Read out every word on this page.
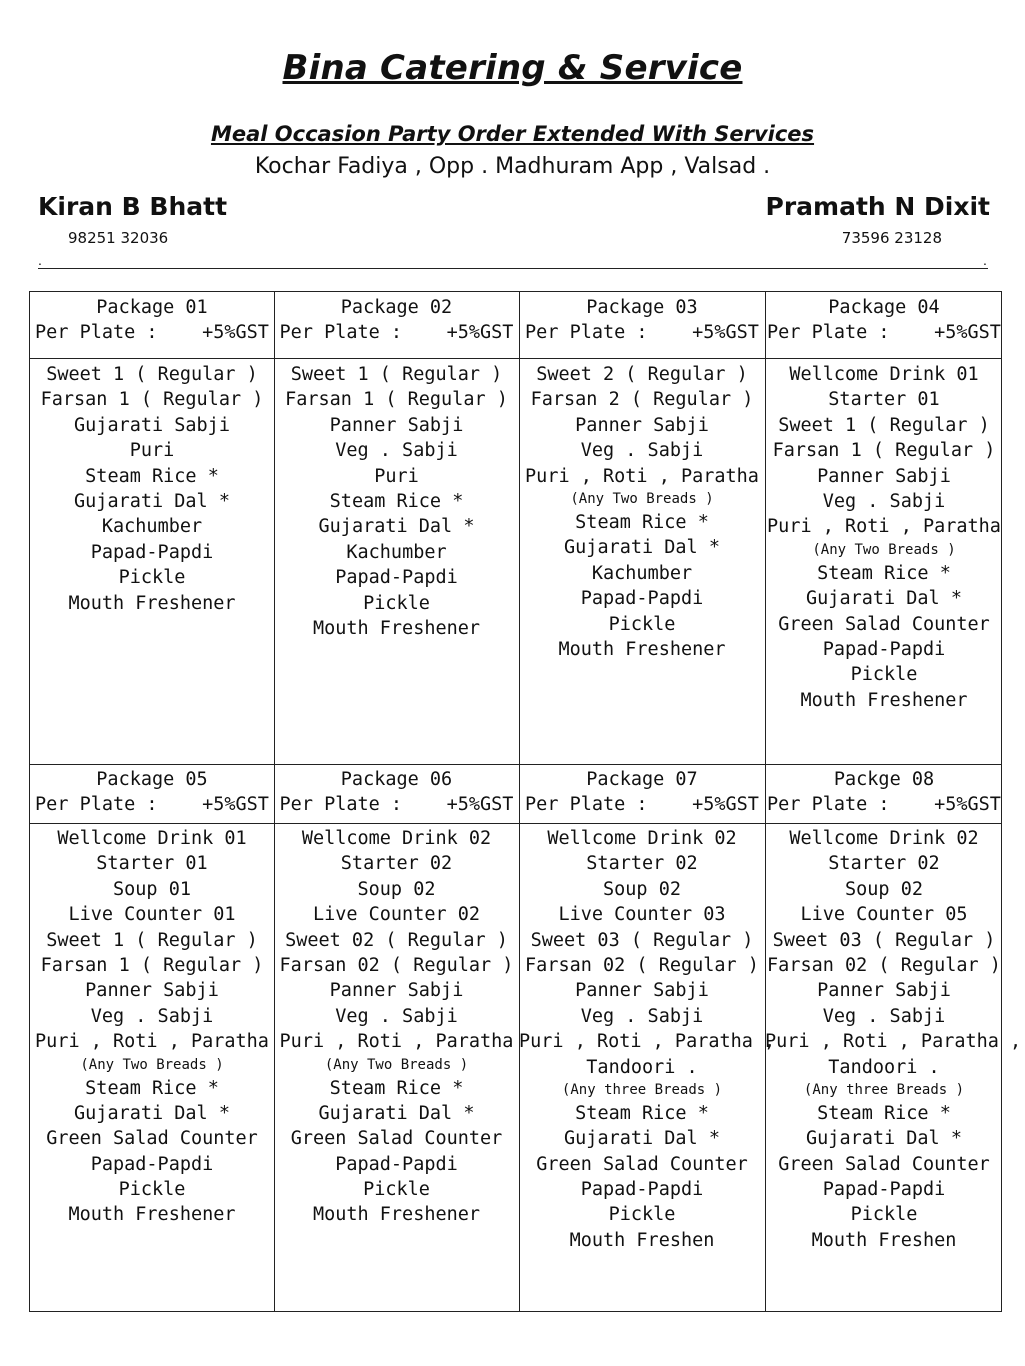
Bina Catering & Service
Meal Occasion Party Order Extended With Services
Kochar Fadiya , Opp . Madhuram App , Valsad .
Kiran B Bhatt
98251 32036
Pramath N Dixit
73596 23128
.	.
Package 01
Per Plate :    +5%GST
Sweet 1 ( Regular )
Farsan 1 ( Regular )
Gujarati Sabji
Puri
Steam Rice *
Gujarati Dal *
Kachumber
Papad-Papdi
Pickle
Mouth Freshener
Package 02
Per Plate :    +5%GST
Sweet 1 ( Regular )
Farsan 1 ( Regular )
Panner Sabji
Veg . Sabji
Puri
Steam Rice *
Gujarati Dal *
Kachumber
Papad-Papdi
Pickle
Mouth Freshener
Package 03
Per Plate :    +5%GST
Sweet 2 ( Regular )
Farsan 2 ( Regular )
Panner Sabji
Veg . Sabji
Puri , Roti , Paratha
(Any Two Breads )
Steam Rice *
Gujarati Dal *
Kachumber
Papad-Papdi
Pickle
Mouth Freshener
Package 04
Per Plate :    +5%GST
Wellcome Drink 01
Starter 01
Sweet 1 ( Regular )
Farsan 1 ( Regular )
Panner Sabji
Veg . Sabji
Puri , Roti , Paratha
(Any Two Breads )
Steam Rice *
Gujarati Dal *
Green Salad Counter
Papad-Papdi
Pickle
Mouth Freshener
Package 05
Per Plate :    +5%GST
Wellcome Drink 01
Starter 01
Soup 01
Live Counter 01
Sweet 1 ( Regular )
Farsan 1 ( Regular )
Panner Sabji
Veg . Sabji
Puri , Roti , Paratha
(Any Two Breads )
Steam Rice *
Gujarati Dal *
Green Salad Counter
Papad-Papdi
Pickle
Mouth Freshener
Package 06
Per Plate :    +5%GST
Wellcome Drink 02
Starter 02
Soup 02
Live Counter 02
Sweet 02 ( Regular )
Farsan 02 ( Regular )
Panner Sabji
Veg . Sabji
Puri , Roti , Paratha
(Any Two Breads )
Steam Rice *
Gujarati Dal *
Green Salad Counter
Papad-Papdi
Pickle
Mouth Freshener
Package 07
Per Plate :    +5%GST
Wellcome Drink 02
Starter 02
Soup 02
Live Counter 03
Sweet 03 ( Regular )
Farsan 02 ( Regular )
Panner Sabji
Veg . Sabji
Puri , Roti , Paratha ,
Tandoori .
(Any three Breads )
Steam Rice *
Gujarati Dal *
Green Salad Counter
Papad-Papdi
Pickle
Mouth Freshen
Packge 08
Per Plate :    +5%GST
Wellcome Drink 02
Starter 02
Soup 02
Live Counter 05
Sweet 03 ( Regular )
Farsan 02 ( Regular )
Panner Sabji
Veg . Sabji
Puri , Roti , Paratha ,
Tandoori .
(Any three Breads )
Steam Rice *
Gujarati Dal *
Green Salad Counter
Papad-Papdi
Pickle
Mouth Freshen
